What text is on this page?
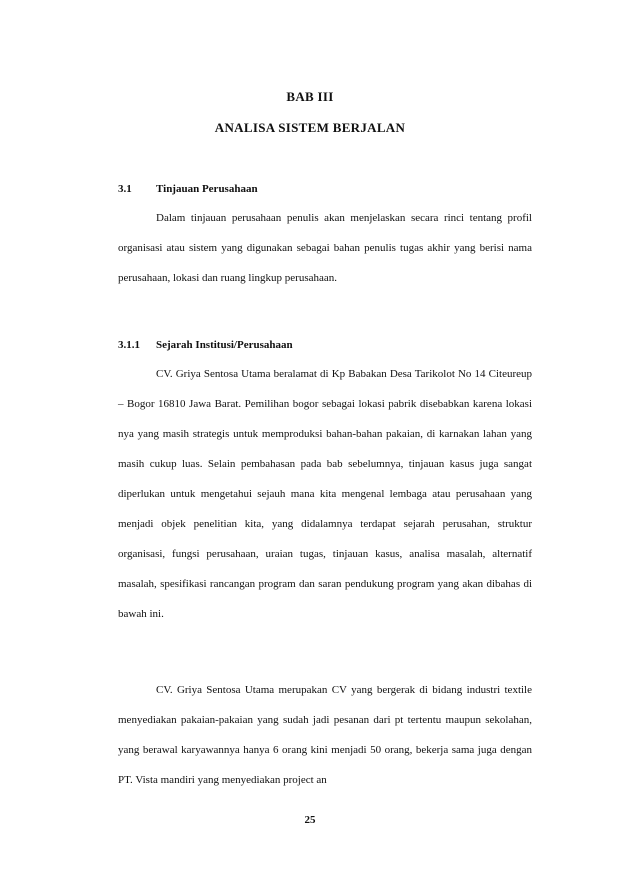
BAB III
ANALISA SISTEM BERJALAN
3.1 Tinjauan Perusahaan

Dalam tinjauan perusahaan penulis akan menjelaskan secara rinci tentang profil organisasi atau sistem yang digunakan sebagai bahan penulis tugas akhir yang berisi nama perusahaan, lokasi dan ruang lingkup perusahaan.

3.1.1 Sejarah Institusi/Perusahaan

CV. Griya Sentosa Utama beralamat di Kp Babakan Desa Tarikolot No 14 Citeureup – Bogor 16810 Jawa Barat. Pemilihan bogor sebagai lokasi pabrik disebabkan karena lokasi nya yang masih strategis untuk memproduksi bahan-bahan pakaian, di karnakan lahan yang masih cukup luas. Selain pembahasan pada bab sebelumnya, tinjauan kasus juga sangat diperlukan untuk mengetahui sejauh mana kita mengenal lembaga atau perusahaan yang menjadi objek penelitian kita, yang didalamnya terdapat sejarah perusahan, struktur organisasi, fungsi perusahaan, uraian tugas, tinjauan kasus, analisa masalah, alternatif masalah, spesifikasi rancangan program dan saran pendukung program yang akan dibahas di bawah ini.

CV. Griya Sentosa Utama merupakan CV yang bergerak di bidang industri textile menyediakan pakaian-pakaian yang sudah jadi pesanan dari pt tertentu maupun sekolahan, yang berawal karyawannya hanya 6 orang kini menjadi 50 orang, bekerja sama juga dengan PT. Vista mandiri yang menyediakan project an

25
